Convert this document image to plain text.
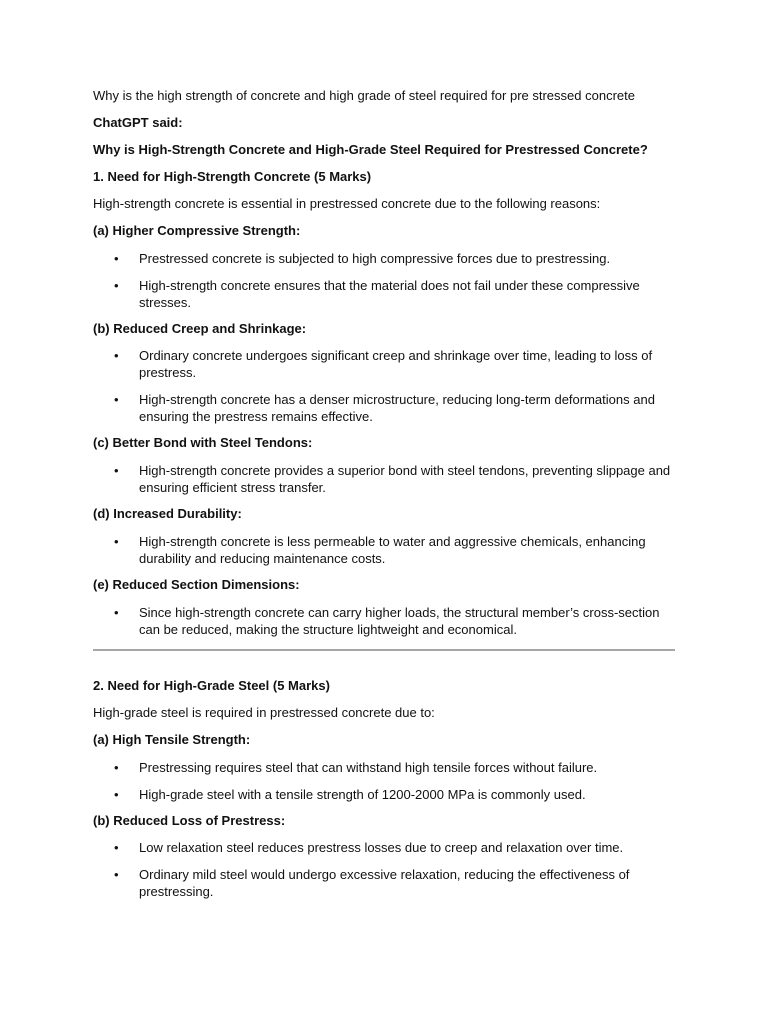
Why is the high strength of concrete and high grade of steel required for pre stressed concrete

ChatGPT said:

Why is High-Strength Concrete and High-Grade Steel Required for Prestressed Concrete?

1. Need for High-Strength Concrete (5 Marks)

High-strength concrete is essential in prestressed concrete due to the following reasons:

(a) Higher Compressive Strength:

• Prestressed concrete is subjected to high compressive forces due to prestressing.
• High-strength concrete ensures that the material does not fail under these compressive stresses.

(b) Reduced Creep and Shrinkage:

• Ordinary concrete undergoes significant creep and shrinkage over time, leading to loss of prestress.
• High-strength concrete has a denser microstructure, reducing long-term deformations and ensuring the prestress remains effective.

(c) Better Bond with Steel Tendons:

• High-strength concrete provides a superior bond with steel tendons, preventing slippage and ensuring efficient stress transfer.

(d) Increased Durability:

• High-strength concrete is less permeable to water and aggressive chemicals, enhancing durability and reducing maintenance costs.

(e) Reduced Section Dimensions:

• Since high-strength concrete can carry higher loads, the structural member’s cross-section can be reduced, making the structure lightweight and economical.

2. Need for High-Grade Steel (5 Marks)

High-grade steel is required in prestressed concrete due to:

(a) High Tensile Strength:

• Prestressing requires steel that can withstand high tensile forces without failure.
• High-grade steel with a tensile strength of 1200-2000 MPa is commonly used.

(b) Reduced Loss of Prestress:

• Low relaxation steel reduces prestress losses due to creep and relaxation over time.
• Ordinary mild steel would undergo excessive relaxation, reducing the effectiveness of prestressing.
